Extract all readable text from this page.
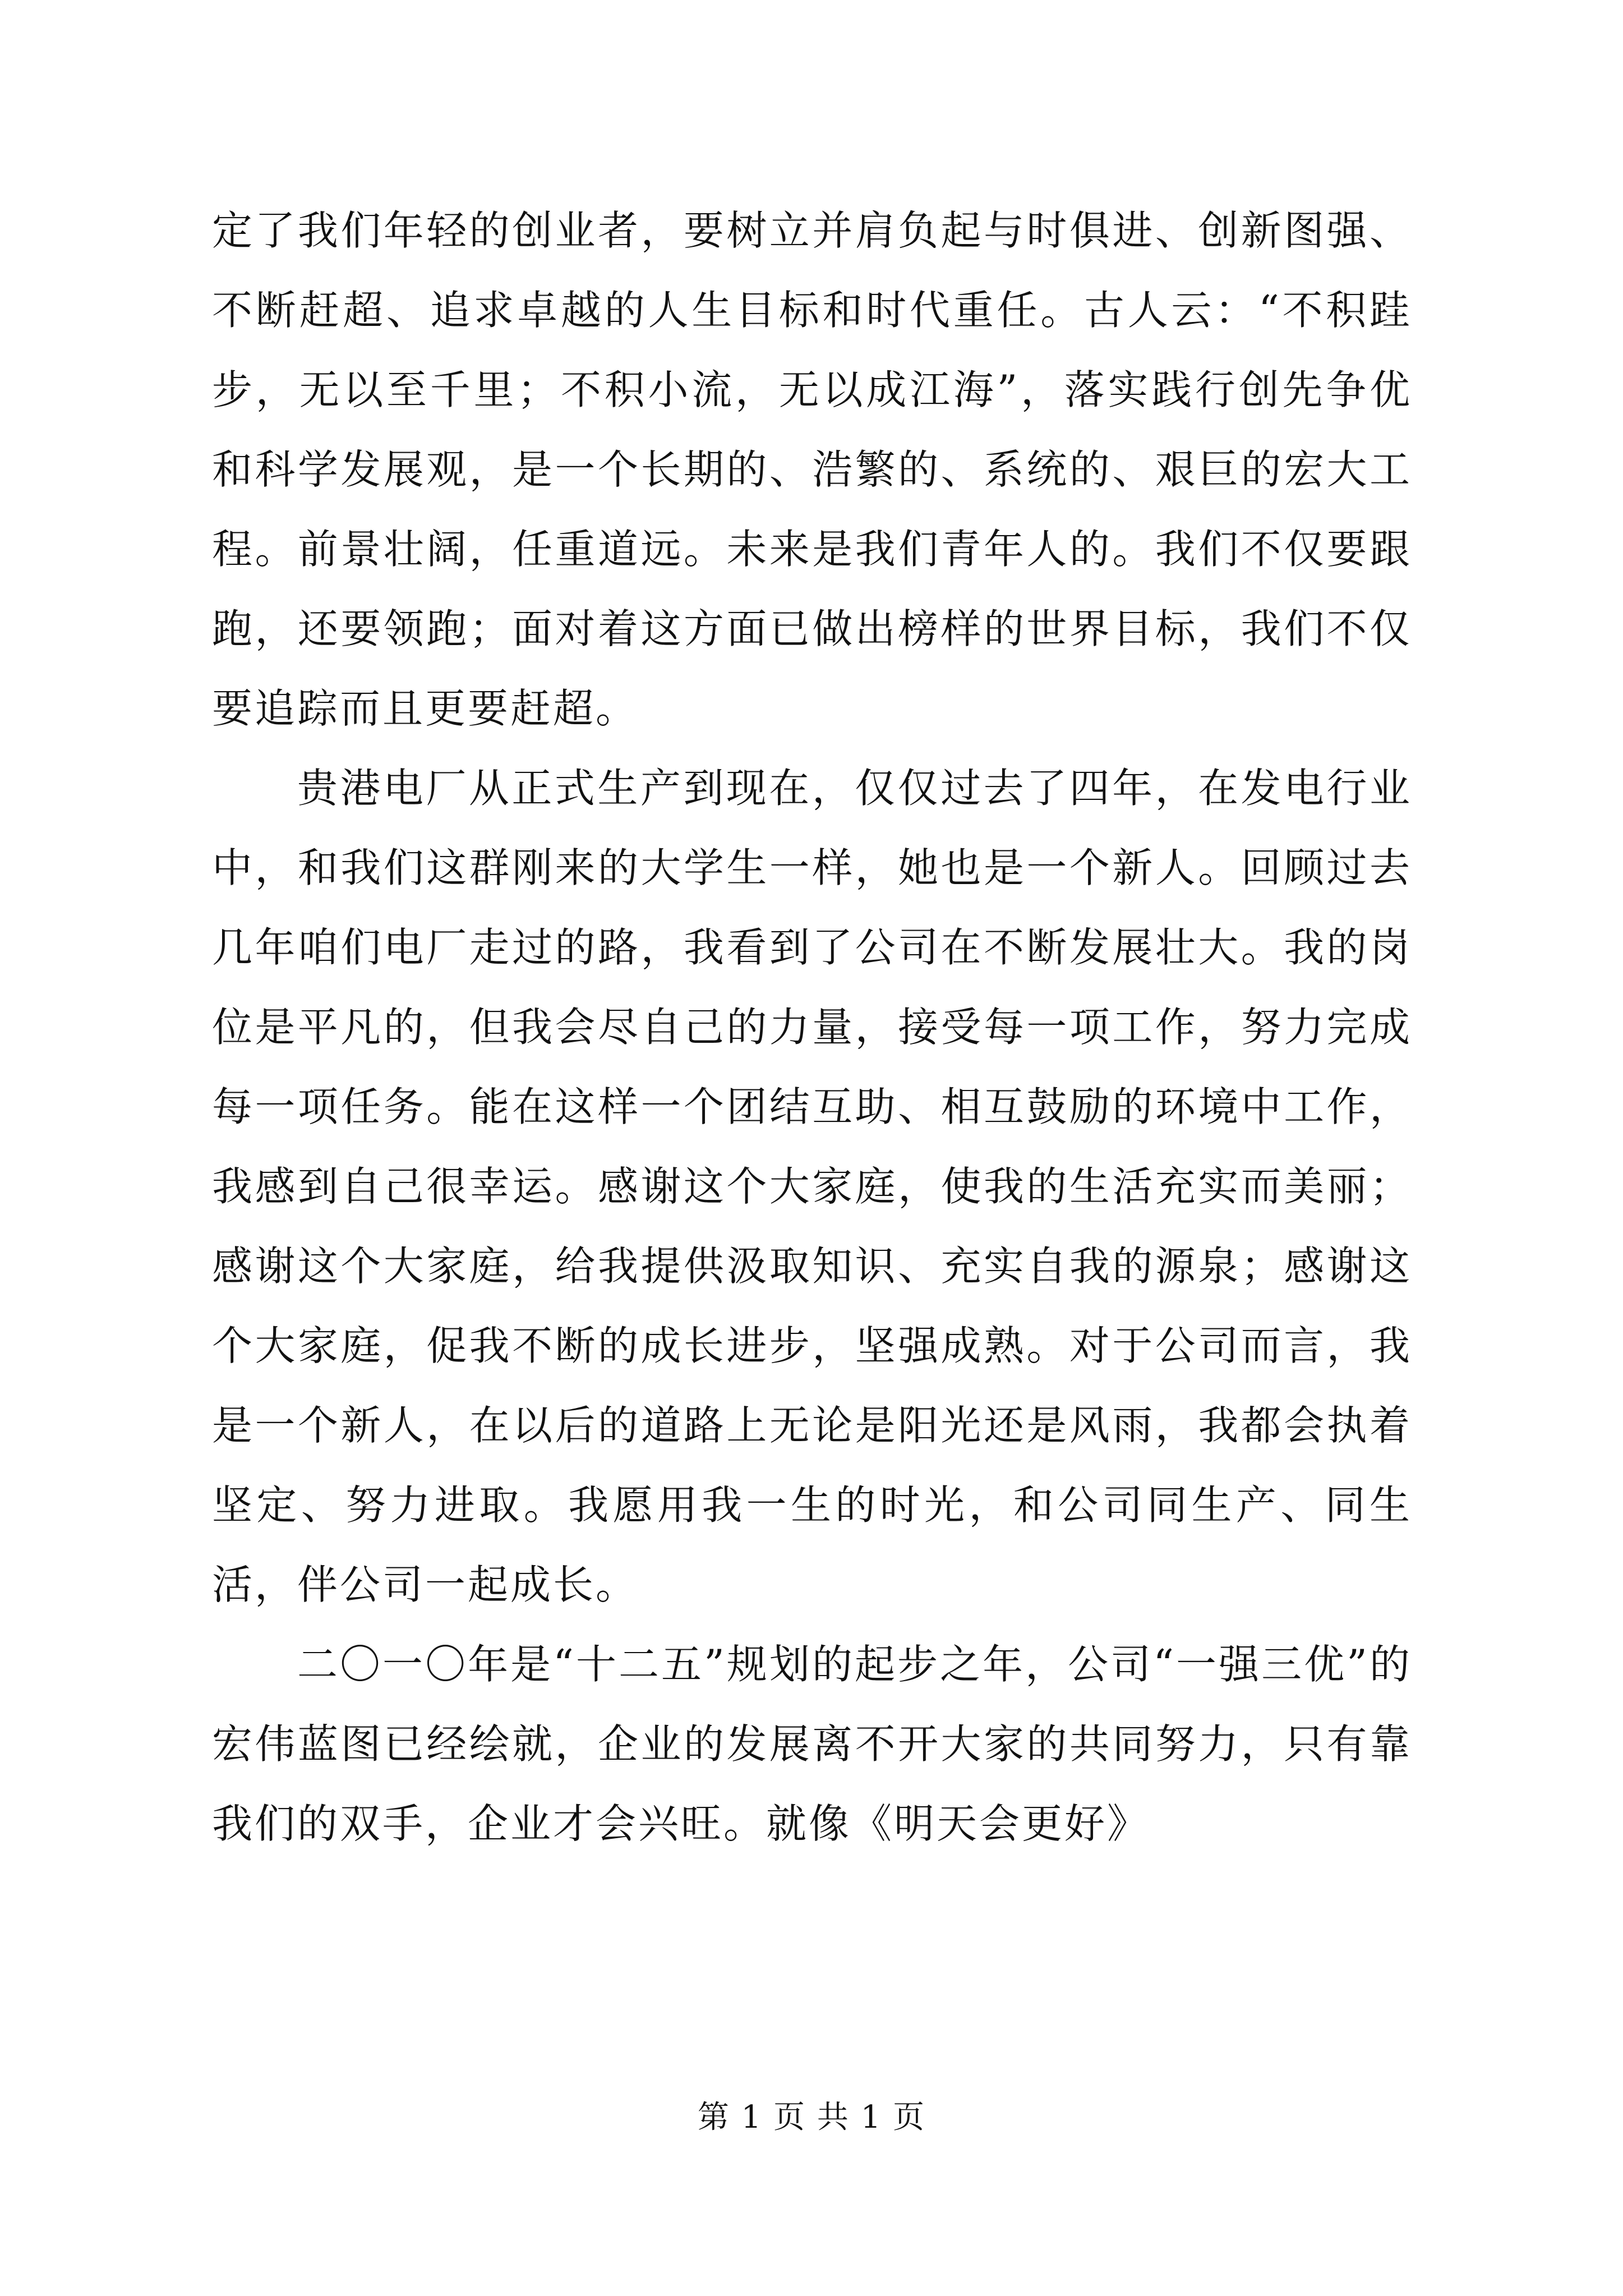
定了我们年轻的创业者，要树立并肩负起与时俱进、创新图强、不断赶超、追求卓越的人生目标和时代重任。古人云：“不积跬步，无以至千里；不积小流，无以成江海”，落实践行创先争优和科学发展观，是一个长期的、浩繁的、系统的、艰巨的宏大工程。前景壮阔，任重道远。未来是我们青年人的。我们不仅要跟跑，还要领跑；面对着这方面已做出榜样的世界目标，我们不仅要追踪而且更要赶超。

贵港电厂从正式生产到现在，仅仅过去了四年，在发电行业中，和我们这群刚来的大学生一样，她也是一个新人。回顾过去几年咱们电厂走过的路，我看到了公司在不断发展壮大。我的岗位是平凡的，但我会尽自己的力量，接受每一项工作，努力完成每一项任务。能在这样一个团结互助、相互鼓励的环境中工作，我感到自己很幸运。感谢这个大家庭，使我的生活充实而美丽；感谢这个大家庭，给我提供汲取知识、充实自我的源泉；感谢这个大家庭，促我不断的成长进步，坚强成熟。对于公司而言，我是一个新人，在以后的道路上无论是阳光还是风雨，我都会执着坚定、努力进取。我愿用我一生的时光，和公司同生产、同生活，伴公司一起成长。

二〇一〇年是“十二五”规划的起步之年，公司“一强三优”的宏伟蓝图已经绘就，企业的发展离不开大家的共同努力，只有靠我们的双手，企业才会兴旺。就像《明天会更好》

第 1 页 共 1 页
